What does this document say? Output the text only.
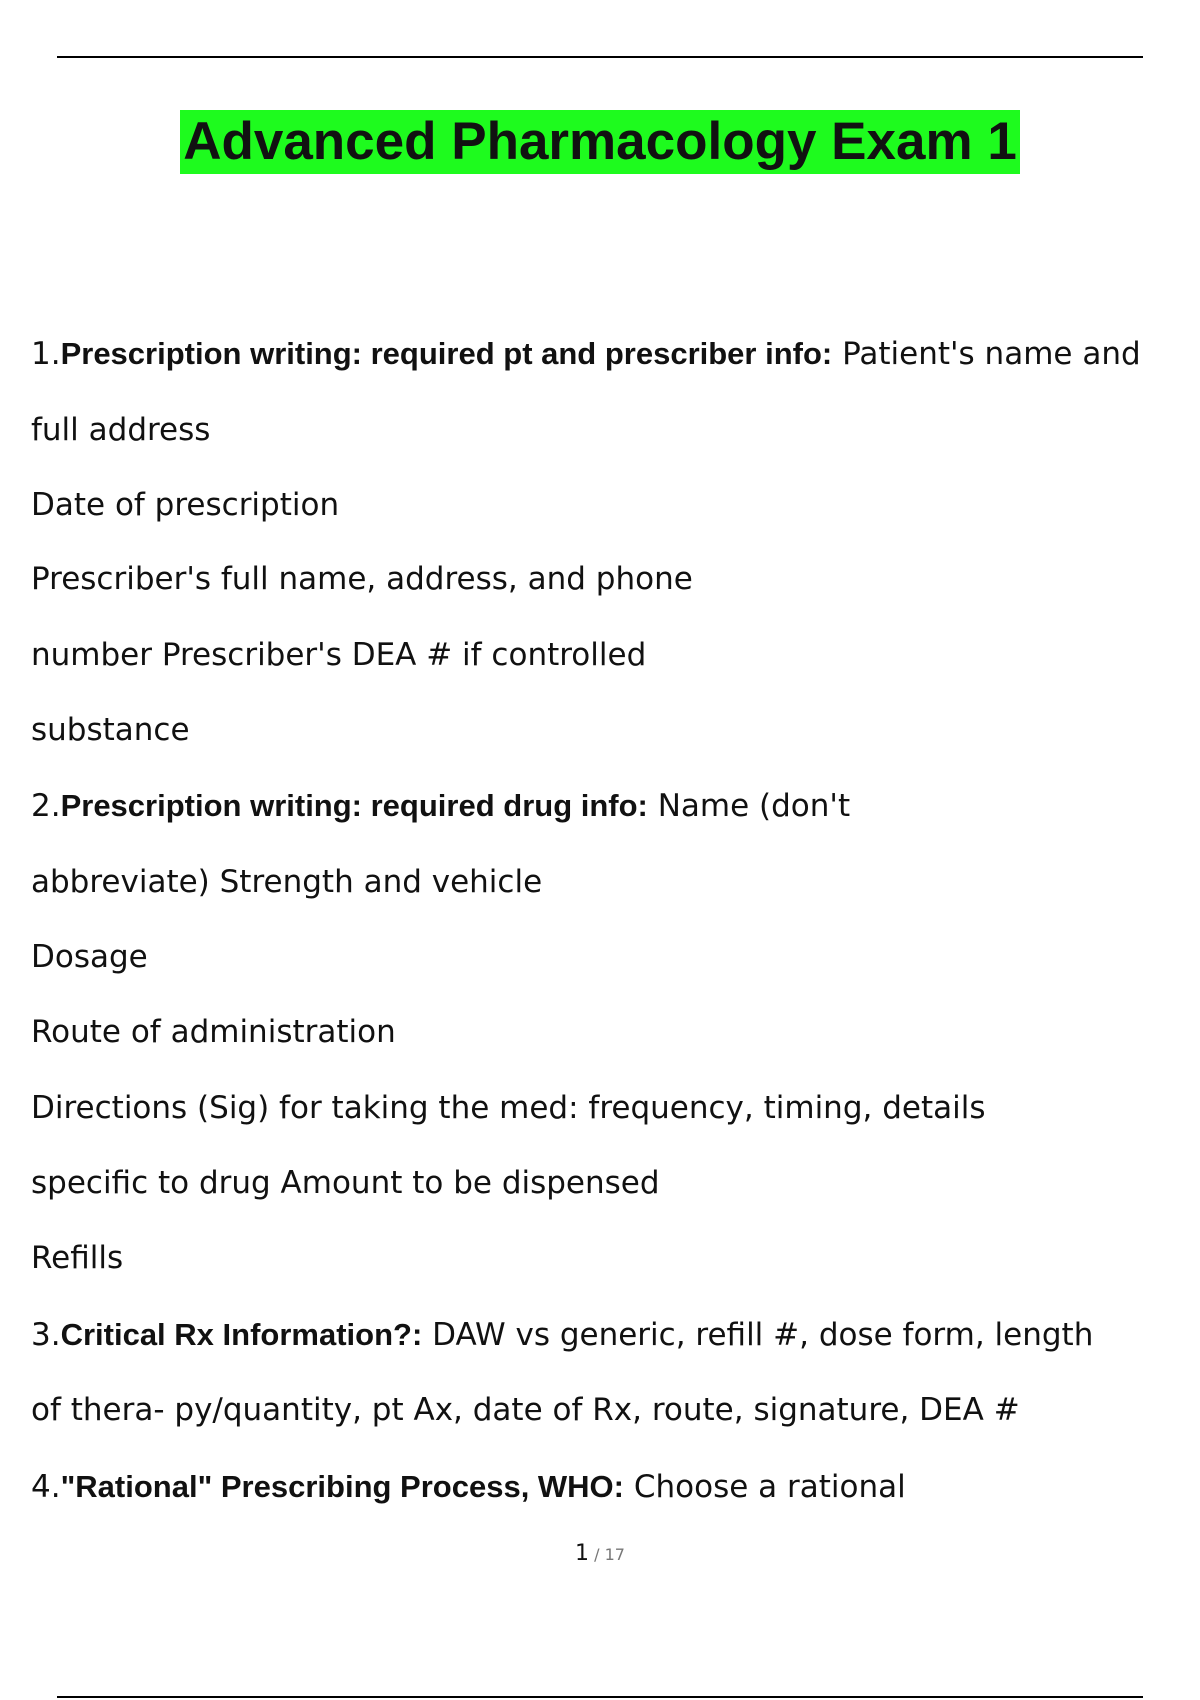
Advanced Pharmacology Exam 1
1.Prescription writing: required pt and prescriber info: Patient's name and
full address
Date of prescription
Prescriber's full name, address, and phone
number Prescriber's DEA # if controlled
substance
2.Prescription writing: required drug info: Name (don't
abbreviate) Strength and vehicle
Dosage
Route of administration
Directions (Sig) for taking the med: frequency, timing, details
specific to drug Amount to be dispensed
Refills
3.Critical Rx Information?: DAW vs generic, refill #, dose form, length
of thera- py/quantity, pt Ax, date of Rx, route, signature, DEA #
4."Rational" Prescribing Process, WHO: Choose a rational
1 / 17
